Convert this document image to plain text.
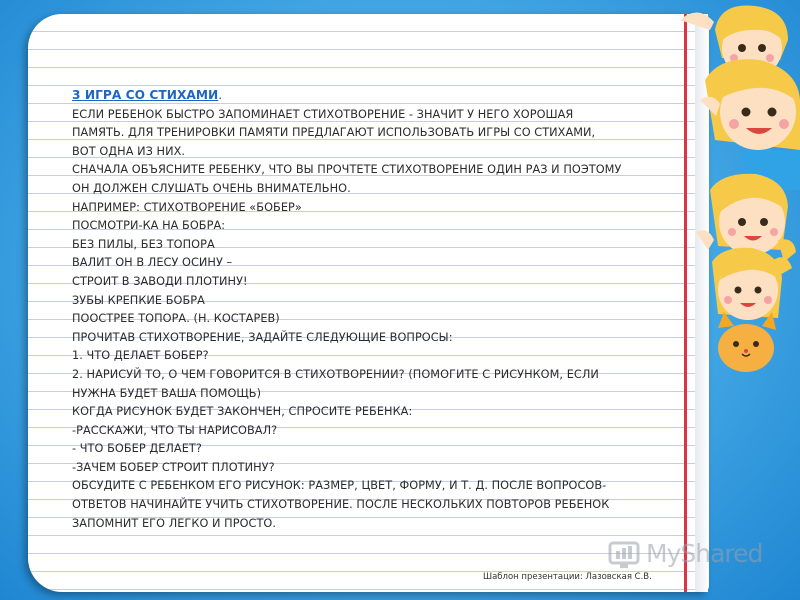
3 ИГРА СО СТИХАМИ.
ЕСЛИ РЕБЕНОК БЫСТРО ЗАПОМИНАЕТ СТИХОТВОРЕНИЕ - ЗНАЧИТ У НЕГО ХОРОШАЯ
ПАМЯТЬ. ДЛЯ ТРЕНИРОВКИ ПАМЯТИ ПРЕДЛАГАЮТ ИСПОЛЬЗОВАТЬ ИГРЫ СО СТИХАМИ,
ВОТ ОДНА ИЗ НИХ.
СНАЧАЛА ОБЪЯСНИТЕ РЕБЕНКУ, ЧТО ВЫ ПРОЧТЕТЕ СТИХОТВОРЕНИЕ ОДИН РАЗ И ПОЭТОМУ
ОН ДОЛЖЕН СЛУШАТЬ ОЧЕНЬ ВНИМАТЕЛЬНО.
НАПРИМЕР: СТИХОТВОРЕНИЕ «БОБЕР»
ПОСМОТРИ-КА НА БОБРА:
БЕЗ ПИЛЫ, БЕЗ ТОПОРА
ВАЛИТ ОН В ЛЕСУ ОСИНУ –
СТРОИТ В ЗАВОДИ ПЛОТИНУ!
ЗУБЫ КРЕПКИЕ БОБРА
ПООСТРЕЕ ТОПОРА. (Н. КОСТАРЕВ)
ПРОЧИТАВ СТИХОТВОРЕНИЕ, ЗАДАЙТЕ СЛЕДУЮЩИЕ ВОПРОСЫ:
1. ЧТО ДЕЛАЕТ БОБЕР?
2. НАРИСУЙ ТО, О ЧЕМ ГОВОРИТСЯ В СТИХОТВОРЕНИИ? (ПОМОГИТЕ С РИСУНКОМ, ЕСЛИ
НУЖНА БУДЕТ ВАША ПОМОЩЬ)
КОГДА РИСУНОК БУДЕТ ЗАКОНЧЕН, СПРОСИТЕ РЕБЕНКА:
-РАССКАЖИ, ЧТО ТЫ НАРИСОВАЛ?
- ЧТО БОБЕР ДЕЛАЕТ?
-ЗАЧЕМ БОБЕР СТРОИТ ПЛОТИНУ?
ОБСУДИТЕ С РЕБЕНКОМ ЕГО РИСУНОК: РАЗМЕР, ЦВЕТ, ФОРМУ, И Т. Д. ПОСЛЕ ВОПРОСОВ-
ОТВЕТОВ НАЧИНАЙТЕ УЧИТЬ СТИХОТВОРЕНИЕ. ПОСЛЕ НЕСКОЛЬКИХ ПОВТОРОВ РЕБЕНОК
ЗАПОМНИТ ЕГО ЛЕГКО И ПРОСТО.
MyShared
Шаблон презентации: Лазовская С.В.
